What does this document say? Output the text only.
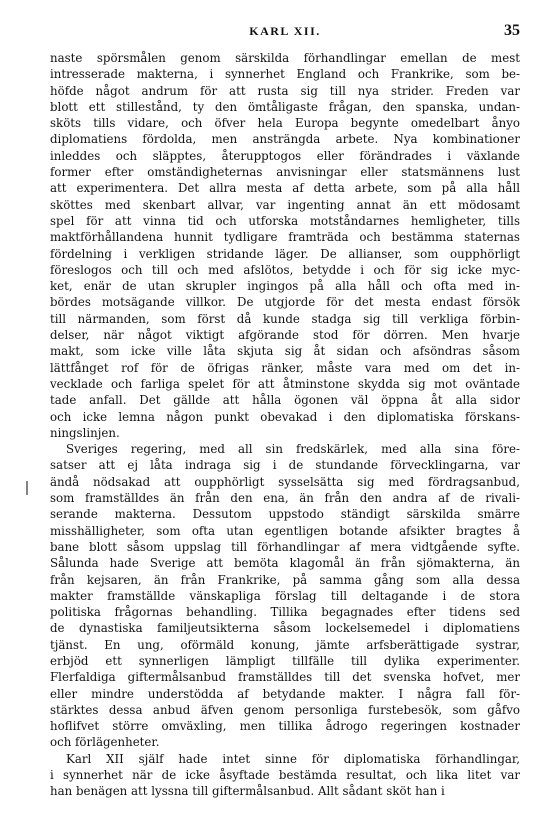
KARL XII.	35
naste spörsmålen genom särskilda förhandlingar emellan de mest
intresserade makterna, i synnerhet England och Frankrike, som be-
höfde något andrum för att rusta sig till nya strider. Freden var
blott ett stillestånd, ty den ömtåligaste frågan, den spanska, undan-
sköts tills vidare, och öfver hela Europa begynte omedelbart ånyo
diplomatiens fördolda, men ansträngda arbete. Nya kombinationer
inleddes och släpptes, återupptogos eller förändrades i växlande
former efter omständigheternas anvisningar eller statsmännens lust
att experimentera. Det allra mesta af detta arbete, som på alla håll
sköttes med skenbart allvar, var ingenting annat än ett mödosamt
spel för att vinna tid och utforska motståndarnes hemligheter, tills
maktförhållandena hunnit tydligare framträda och bestämma staternas
fördelning i verkligen stridande läger. De allianser, som oupphörligt
föreslogos och till och med afslötos, betydde i och för sig icke myc-
ket, enär de utan skrupler ingingos på alla håll och ofta med in-
bördes motsägande villkor. De utgjorde för det mesta endast försök
till närmanden, som först då kunde stadga sig till verkliga förbin-
delser, när något viktigt afgörande stod för dörren. Men hvarje
makt, som icke ville låta skjuta sig åt sidan och afsöndras såsom
lättfånget rof för de öfrigas ränker, måste vara med om det in-
vecklade och farliga spelet för att åtminstone skydda sig mot oväntade
tade anfall. Det gällde att hålla ögonen väl öppna åt alla sidor
och icke lemna någon punkt obevakad i den diplomatiska förskans-
ningslinjen.
Sveriges regering, med all sin fredskärlek, med alla sina före-
satser att ej låta indraga sig i de stundande förvecklingarna, var
ändå nödsakad att oupphörligt sysselsätta sig med fördragsanbud,
som framställdes än från den ena, än från den andra af de rivali-
serande makterna. Dessutom uppstodo ständigt särskilda smärre
misshälligheter, som ofta utan egentligen botande afsikter bragtes å
bane blott såsom uppslag till förhandlingar af mera vidtgående syfte.
Sålunda hade Sverige att bemöta klagomål än från sjömakterna, än
från kejsaren, än från Frankrike, på samma gång som alla dessa
makter framställde vänskapliga förslag till deltagande i de stora
politiska frågornas behandling. Tillika begagnades efter tidens sed
de dynastiska familjeutsikterna såsom lockelsemedel i diplomatiens
tjänst. En ung, oförmäld konung, jämte arfsberättigade systrar,
erbjöd ett synnerligen lämpligt tillfälle till dylika experimenter.
Flerfaldiga giftermålsanbud framställdes till det svenska hofvet, mer
eller mindre understödda af betydande makter. I några fall för-
stärktes dessa anbud äfven genom personliga furstebesök, som gåfvo
hoflifvet större omväxling, men tillika ådrogo regeringen kostnader
och förlägenheter.
Karl XII själf hade intet sinne för diplomatiska förhandlingar,
i synnerhet när de icke åsyftade bestämda resultat, och lika litet var
han benägen att lyssna till giftermålsanbud. Allt sådant sköt han i
